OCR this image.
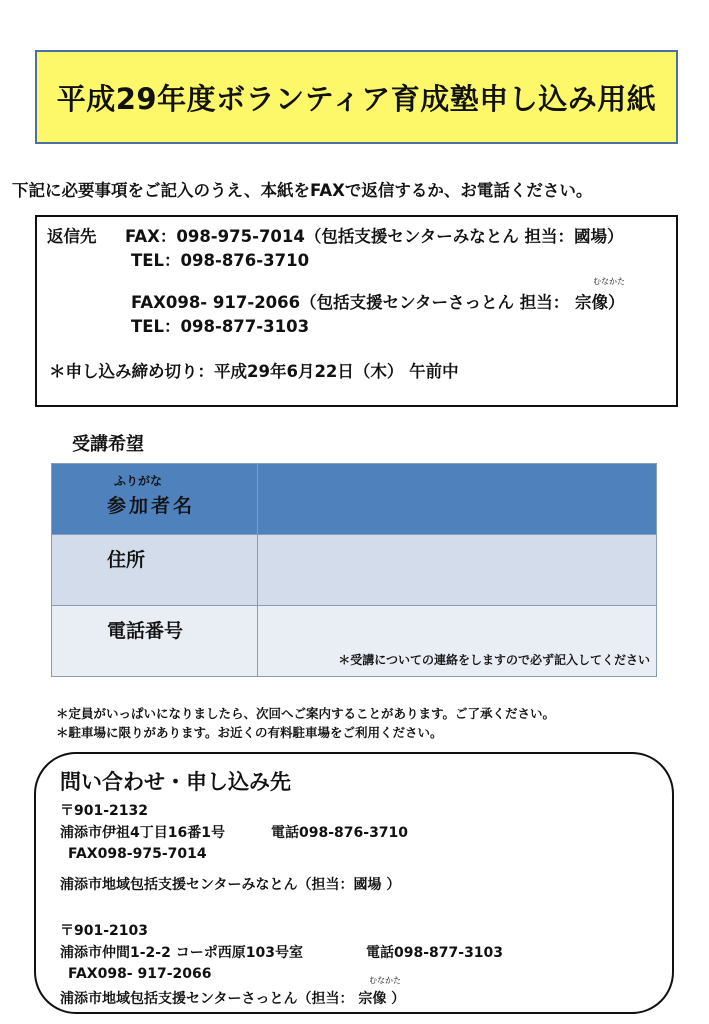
平成29年度ボランティア育成塾申し込み用紙
下記に必要事項をご記入のうえ、本紙をFAXで返信するか、お電話ください。
返信先 FAX：098-975-7014（包括支援センターみなとん 担当：國場）
TEL：098-876-3710
むなかた
FAX098- 917-2066（包括支援センターさっとん 担当： 宗像）
TEL：098-877-3103
＊申し込み締め切り：平成29年6月22日（木） 午前中
受講希望
ふりがな
参加者名	

住所	

電話番号	＊受講についての連絡をしますので必ず記入してください
＊定員がいっぱいになりましたら、次回へご案内することがあります。ご了承ください。
＊駐車場に限りがあります。お近くの有料駐車場をご利用ください。
問い合わせ・申し込み先
〒901-2132
浦添市伊祖4丁目16番1号	電話098-876-3710
FAX098-975-7014
浦添市地域包括支援センターみなとん（担当：國場 ）
〒901-2103
浦添市仲間1-2-2 コーポ西原103号室	電話098-877-3103
FAX098- 917-2066	むなかた
浦添市地域包括支援センターさっとん（担当： 宗像 ）
